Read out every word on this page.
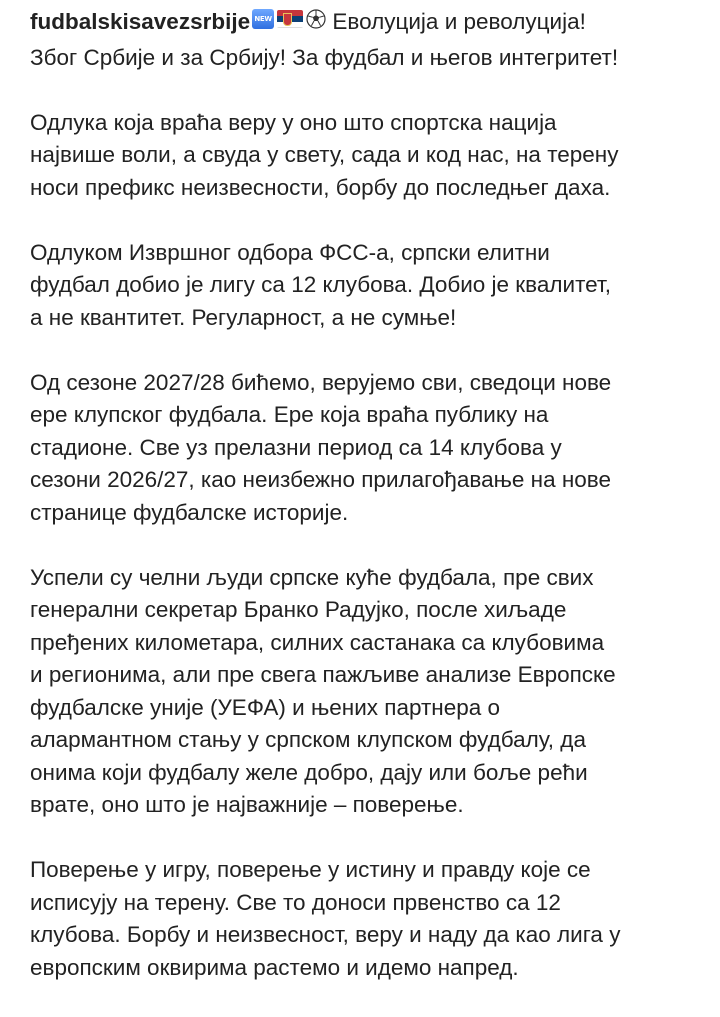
fudbalskisavezsrbije NEW	Еволуција и револуција!
Због Србије и за Србију! За фудбал и његов интегритет!
Одлука која враћа веру у оно што спортска нација
највише воли, а свуда у свету, сада и код нас, на терену
носи префикс неизвесности, борбу до последњег даха.
Одлуком Извршног одбора ФСС-а, српски елитни
фудбал добио је лигу са 12 клубова. Добио је квалитет,
а не квантитет. Регуларност, а не сумње!
Од сезоне 2027/28 бићемо, верујемо сви, сведоци нове
ере клупског фудбала. Ере која враћа публику на
стадионе. Све уз прелазни период са 14 клубова у
сезони 2026/27, као неизбежно прилагођавање на нове
странице фудбалске историје.
Успели су челни људи српске куће фудбала, пре свих
генерални секретар Бранко Радујко, после хиљаде
пређених километара, силних састанака са клубовима
и регионима, али пре свега пажљиве анализе Европске
фудбалске уније (УЕФА) и њених партнера о
алармантном стању у српском клупском фудбалу, да
онима који фудбалу желе добро, дају или боље рећи
врате, оно што је најважније – поверење.
Поверење у игру, поверење у истину и правду које се
исписују на терену. Све то доноси првенство са 12
клубова. Борбу и неизвесност, веру и наду да као лига у
европским оквирима растемо и идемо напред.
